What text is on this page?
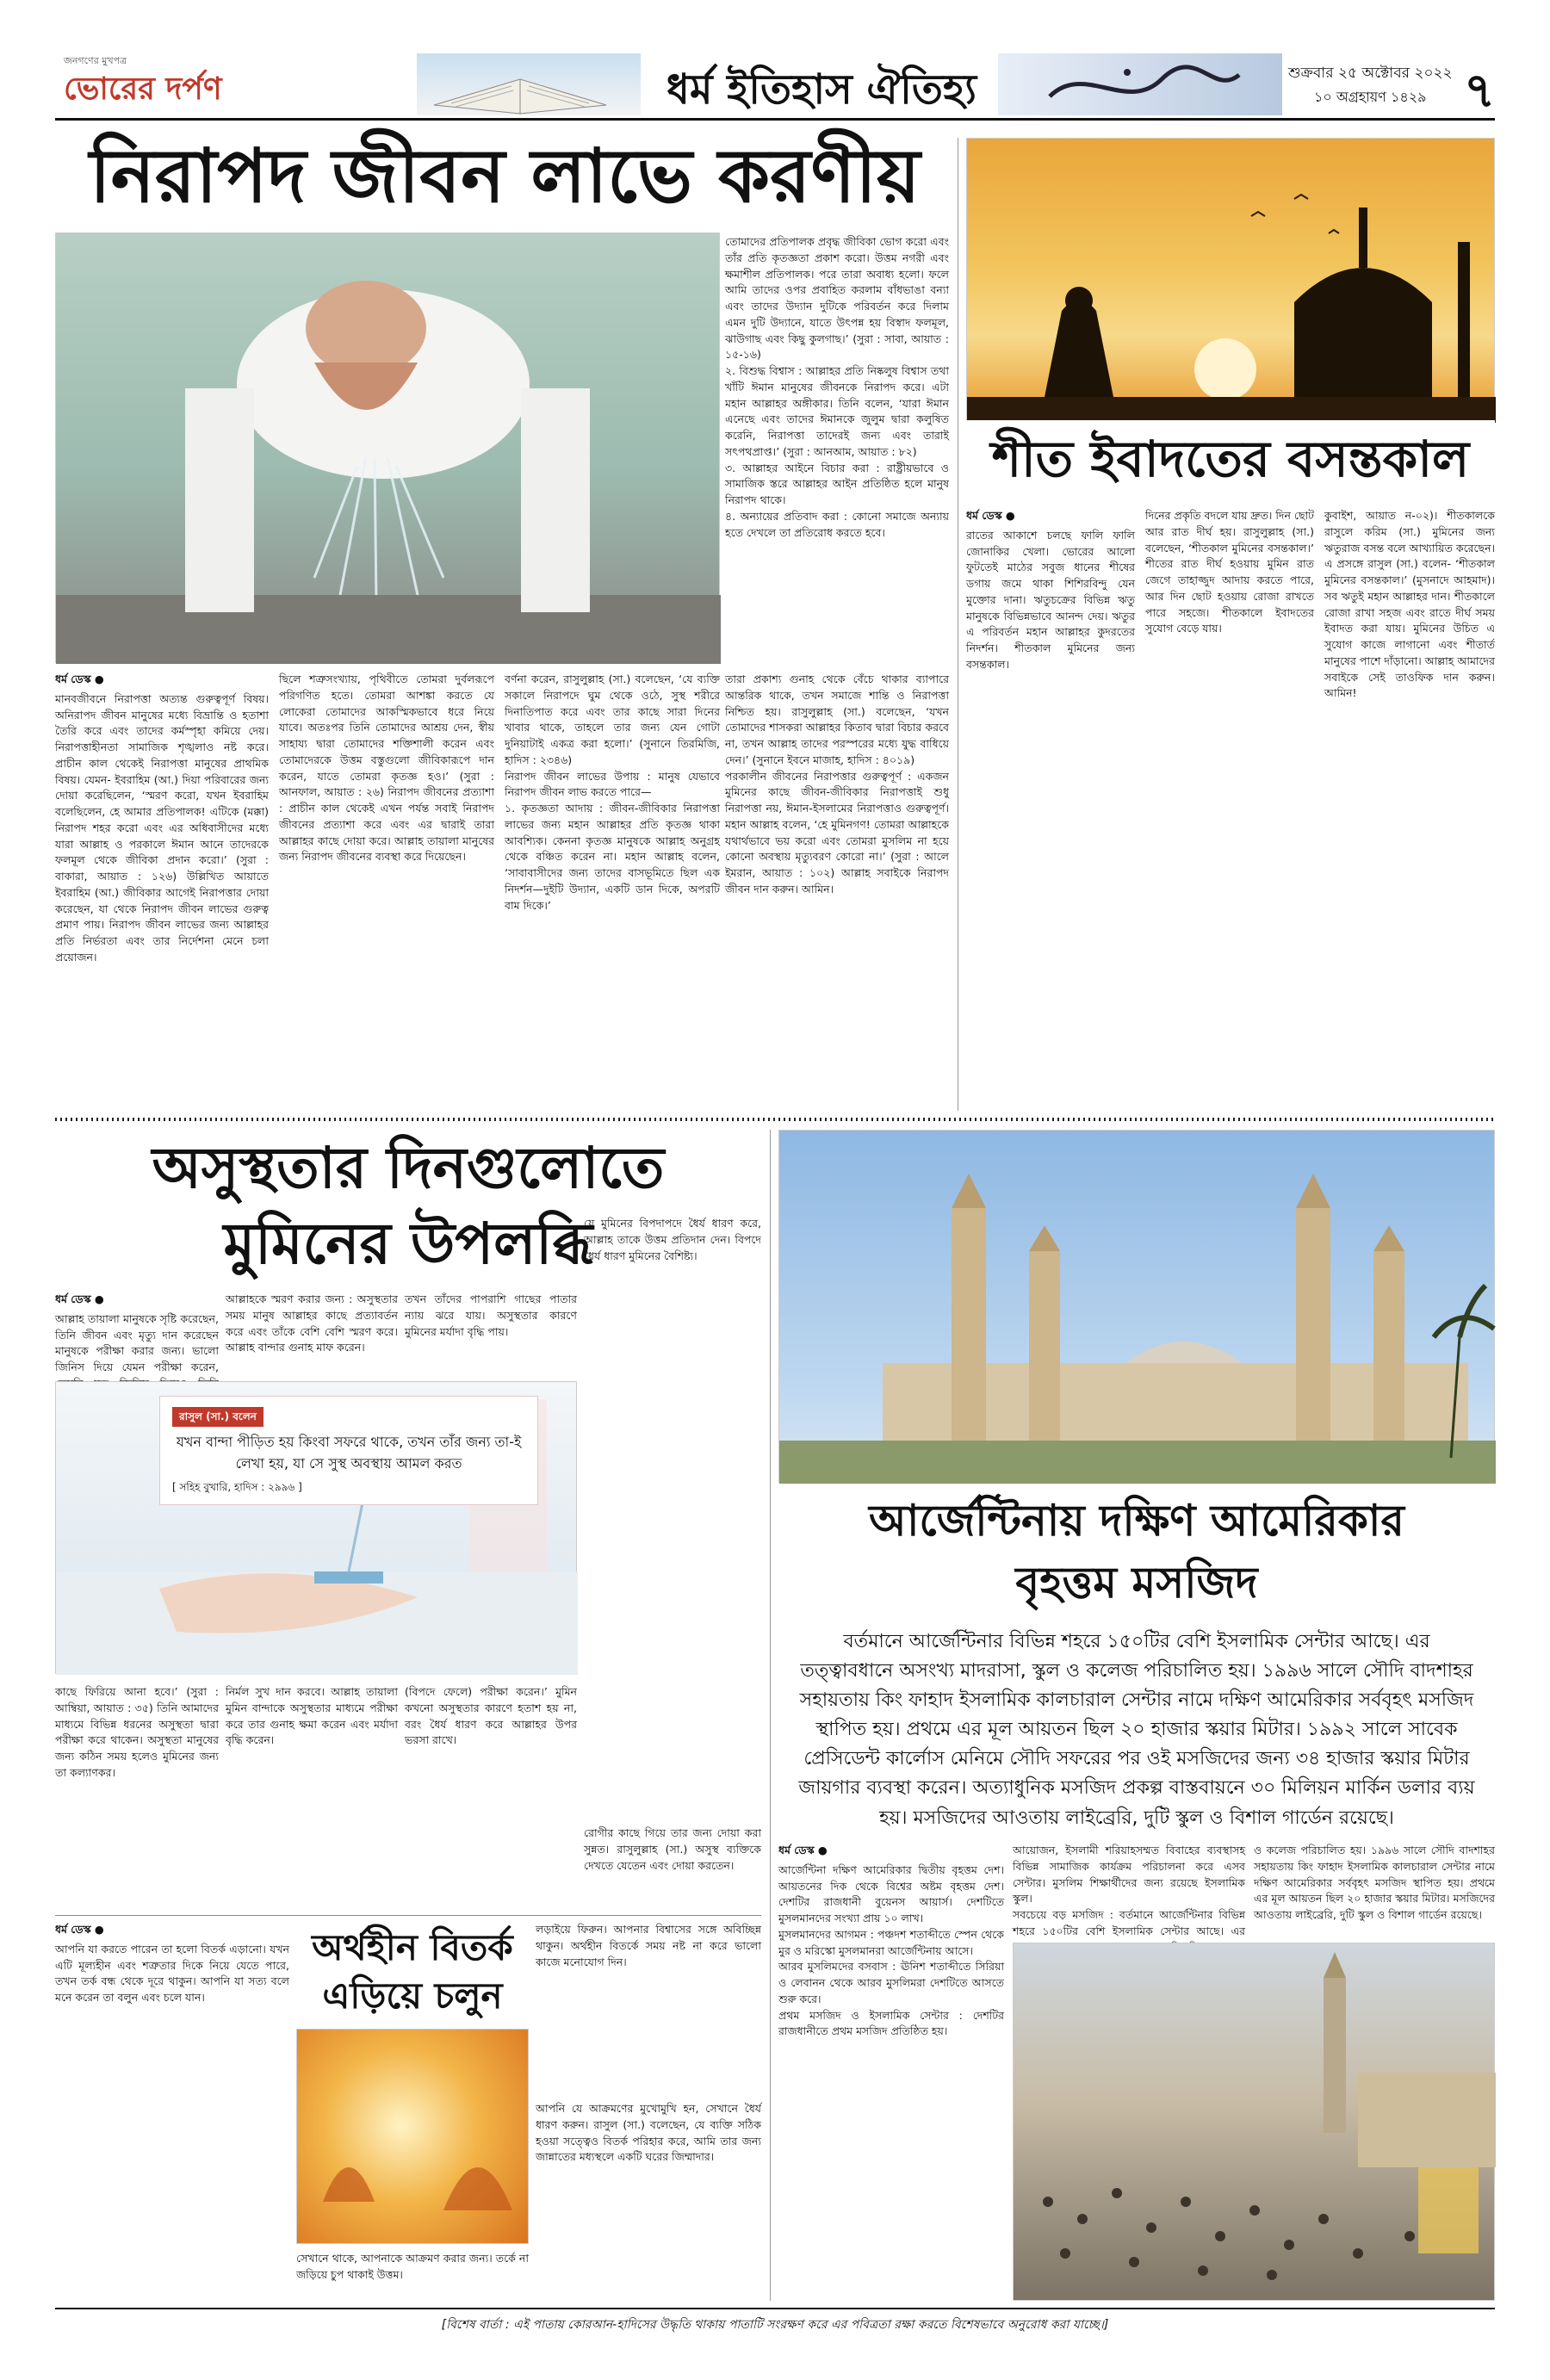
জনগণের মুখপত্র
ভোরের দর্পণ	ধর্ম ইতিহাস ঐতিহ্য	শুক্রবার ২৫ অক্টোবর ২০২২
১০ অগ্রহায়ণ ১৪২৯ ৭
নিরাপদ জীবন লাভে করণীয়

তোমাদের প্রতিপালক প্রবৃদ্ধ জীবিকা ভোগ করো এবং তাঁর প্রতি কৃতজ্ঞতা প্রকাশ করো। উত্তম নগরী এবং ক্ষমাশীল প্রতিপালক। পরে তারা অবাধ্য হলো। ফলে আমি তাদের ওপর প্রবাহিত করলাম বাঁধভাঙা বন্যা এবং তাদের উদ্যান দুটিকে পরিবর্তন করে দিলাম এমন দুটি উদ্যানে, যাতে উৎপন্ন হয় বিস্বাদ ফলমূল, ঝাউগাছ এবং কিছু কুলগাছ।’ (সুরা : সাবা, আয়াত : ১৫-১৬)
২. বিশুদ্ধ বিশ্বাস : আল্লাহর প্রতি নিষ্কলুষ বিশ্বাস তথা খাঁটি ঈমান মানুষের জীবনকে নিরাপদ করে। এটা মহান আল্লাহর অঙ্গীকার। তিনি বলেন, ‘যারা ঈমান এনেছে এবং তাদের ঈমানকে জুলুম দ্বারা কলুষিত করেনি, নিরাপত্তা তাদেরই জন্য এবং তারাই সৎপথপ্রাপ্ত।’ (সুরা : আনআম, আয়াত : ৮২)
৩. আল্লাহর আইনে বিচার করা : রাষ্ট্রীয়ভাবে ও সামাজিক স্তরে আল্লাহর আইন প্রতিষ্ঠিত হলে মানুষ নিরাপদ থাকে।
৪. অন্যায়ের প্রতিবাদ করা : কোনো সমাজে অন্যায় হতে দেখলে তা প্রতিরোধ করতে হবে।

ধর্ম ডেস্ক ●

মানবজীবনে নিরাপত্তা অত্যন্ত গুরুত্বপূর্ণ বিষয়। অনিরাপদ জীবন মানুষের মধ্যে বিভ্রান্তি ও হতাশা তৈরি করে এবং তাদের কর্মস্পৃহা কমিয়ে দেয়। নিরাপত্তাহীনতা সামাজিক শৃঙ্খলাও নষ্ট করে। প্রাচীন কাল থেকেই নিরাপত্তা মানুষের প্রাথমিক বিষয়। যেমন- ইবরাহিম (আ.) দিয়া পরিবারের জন্য দোয়া করেছিলেন, ‘স্মরণ করো, যখন ইবরাহিম বলেছিলেন, হে আমার প্রতিপালক! এটিকে (মক্কা) নিরাপদ শহর করো এবং এর অধিবাসীদের মধ্যে যারা আল্লাহ ও পরকালে ঈমান আনে তাদেরকে ফলমূল থেকে জীবিকা প্রদান করো।’ (সুরা : বাকারা, আয়াত : ১২৬) উল্লিখিত আয়াতে ইবরাহিম (আ.) জীবিকার আগেই নিরাপত্তার দোয়া করেছেন, যা থেকে নিরাপদ জীবন লাভের গুরুত্ব প্রমাণ পায়। নিরাপদ জীবন লাভের জন্য আল্লাহর প্রতি নির্ভরতা এবং তার নির্দেশনা মেনে চলা প্রয়োজন।

ছিলে শত্রুসংখ্যায়, পৃথিবীতে তোমরা দুর্বলরূপে পরিগণিত হতে। তোমরা আশঙ্কা করতে যে লোকেরা তোমাদের আকস্মিকভাবে ধরে নিয়ে যাবে। অতঃপর তিনি তোমাদের আশ্রয় দেন, স্বীয় সাহায্য দ্বারা তোমাদের শক্তিশালী করেন এবং তোমাদেরকে উত্তম বস্তুগুলো জীবিকারূপে দান করেন, যাতে তোমরা কৃতজ্ঞ হও।’ (সুরা : আনফাল, আয়াত : ২৬) নিরাপদ জীবনের প্রত্যাশা : প্রাচীন কাল থেকেই এখন পর্যন্ত সবাই নিরাপদ জীবনের প্রত্যাশা করে এবং এর দ্বারাই তারা আল্লাহর কাছে দোয়া করে। আল্লাহ তায়ালা মানুষের জন্য নিরাপদ জীবনের ব্যবস্থা করে দিয়েছেন।

বর্ণনা করেন, রাসুলুল্লাহ (সা.) বলেছেন, ‘যে ব্যক্তি সকালে নিরাপদে ঘুম থেকে ওঠে, সুস্থ শরীরে দিনাতিপাত করে এবং তার কাছে সারা দিনের খাবার থাকে, তাহলে তার জন্য যেন গোটা দুনিয়াটাই একত্র করা হলো।’ (সুনানে তিরমিজি, হাদিস : ২৩৪৬)
নিরাপদ জীবন লাভের উপায় : মানুষ যেভাবে নিরাপদ জীবন লাভ করতে পারে—
১. কৃতজ্ঞতা আদায় : জীবন-জীবিকার নিরাপত্তা লাভের জন্য মহান আল্লাহর প্রতি কৃতজ্ঞ থাকা আবশ্যিক। কেননা কৃতজ্ঞ মানুষকে আল্লাহ অনুগ্রহ থেকে বঞ্চিত করেন না। মহান আল্লাহ বলেন, ‘সাবাবাসীদের জন্য তাদের বাসভূমিতে ছিল এক নিদর্শন—দুইটি উদ্যান, একটি ডান দিকে, অপরটি বাম দিকে।’

তারা প্রকাশ্য গুনাহ থেকে বেঁচে থাকার ব্যাপারে আন্তরিক থাকে, তখন সমাজে শান্তি ও নিরাপত্তা নিশ্চিত হয়। রাসুলুল্লাহ (সা.) বলেছেন, ‘যখন তোমাদের শাসকরা আল্লাহর কিতাব দ্বারা বিচার করবে না, তখন আল্লাহ তাদের পরস্পরের মধ্যে যুদ্ধ বাধিয়ে দেন।’ (সুনানে ইবনে মাজাহ, হাদিস : ৪০১৯)
পরকালীন জীবনের নিরাপত্তার গুরুত্বপূর্ণ : একজন মুমিনের কাছে জীবন-জীবিকার নিরাপত্তাই শুধু নিরাপত্তা নয়, ঈমান-ইসলামের নিরাপত্তাও গুরুত্বপূর্ণ। মহান আল্লাহ বলেন, ‘হে মুমিনগণ! তোমরা আল্লাহকে যথার্থভাবে ভয় করো এবং তোমরা মুসলিম না হয়ে কোনো অবস্থায় মৃত্যুবরণ কোরো না।’ (সুরা : আলে ইমরান, আয়াত : ১০২) আল্লাহ সবাইকে নিরাপদ জীবন দান করুন। আমিন।

শীত ইবাদতের বসন্তকাল

ধর্ম ডেস্ক ●

রাতের আকাশে চলছে ফালি ফালি জোনাকির খেলা। ভোরের আলো ফুটতেই মাঠের সবুজ ধানের শীষের ডগায় জমে থাকা শিশিরবিন্দু যেন মুক্তোর দানা। ঋতুচক্রের বিভিন্ন ঋতু মানুষকে বিভিন্নভাবে আনন্দ দেয়। ঋতুর এ পরিবর্তন মহান আল্লাহর কুদরতের নিদর্শন। শীতকাল মুমিনের জন্য বসন্তকাল।

দিনের প্রকৃতি বদলে যায় দ্রুত। দিন ছোট আর রাত দীর্ঘ হয়। রাসুলুল্লাহ (সা.) বলেছেন, ‘শীতকাল মুমিনের বসন্তকাল।’ শীতের রাত দীর্ঘ হওয়ায় মুমিন রাত জেগে তাহাজ্জুদ আদায় করতে পারে, আর দিন ছোট হওয়ায় রোজা রাখতে পারে সহজে। শীতকালে ইবাদতের সুযোগ বেড়ে যায়।

কুবাইশ, আয়াত ন-০২)। শীতকালকে রাসুলে করিম (সা.) মুমিনের জন্য ঋতুরাজ বসন্ত বলে আখ্যায়িত করেছেন। এ প্রসঙ্গে রাসুল (সা.) বলেন- ‘শীতকাল মুমিনের বসন্তকাল।’ (মুসনাদে আহমাদ)। সব ঋতুই মহান আল্লাহর দান। শীতকালে রোজা রাখা সহজ এবং রাতে দীর্ঘ সময় ইবাদত করা যায়। মুমিনের উচিত এ সুযোগ কাজে লাগানো এবং শীতার্ত মানুষের পাশে দাঁড়ানো। আল্লাহ আমাদের সবাইকে সেই তাওফিক দান করুন। আমিন!

অসুস্থতার দিনগুলোতে
মুমিনের উপলব্ধি

ধর্ম ডেস্ক ●

আল্লাহ তায়ালা মানুষকে সৃষ্টি করেছেন, তিনি জীবন এবং মৃত্যু দান করেছেন মানুষকে পরীক্ষা করার জন্য। ভালো জিনিস দিয়ে যেমন পরীক্ষা করেন,

আল্লাহকে স্মরণ করার জন্য : অসুস্থতার সময় মানুষ আল্লাহর কাছে প্রত্যাবর্তন করে এবং তাঁকে বেশি বেশি স্মরণ করে। আল্লাহ বান্দার গুনাহ মাফ করেন।

তখন তাঁদের পাপরাশি গাছের পাতার ন্যায় ঝরে যায়। অসুস্থতার কারণে মুমিনের মর্যাদা বৃদ্ধি পায়।

যে মুমিনের বিপদাপদে ধৈর্য ধারণ করে, আল্লাহ তাকে উত্তম প্রতিদান দেন। বিপদে ধৈর্য ধারণ মুমিনের বৈশিষ্ট্য।

রাসুল (সা.) বলেন
যখন বান্দা পীড়িত হয় কিংবা সফরে থাকে, তখন তাঁর জন্য তা-ই লেখা হয়, যা সে সুস্থ অবস্থায় আমল করত
[ সহিহ বুখারি, হাদিস : ২৯৯৬ ]

কাছে ফিরিয়ে আনা হবে।’ (সুরা : আম্বিয়া, আয়াত : ৩৫) তিনি আমাদের মাধ্যমে বিভিন্ন ধরনের অসুস্থতা দ্বারা পরীক্ষা করে থাকেন। অসুস্থতা মানুষের জন্য কঠিন সময় হলেও মুমিনের জন্য তা কল্যাণকর।

নির্মল সুখ দান করবে। আল্লাহ তায়ালা মুমিন বান্দাকে অসুস্থতার মাধ্যমে পরীক্ষা করে তার গুনাহ ক্ষমা করেন এবং মর্যাদা বৃদ্ধি করেন।

(বিপদে ফেলে) পরীক্ষা করেন।’ মুমিন কখনো অসুস্থতার কারণে হতাশ হয় না, বরং ধৈর্য ধারণ করে আল্লাহর উপর ভরসা রাখে।

রোগীর কাছে গিয়ে তার জন্য দোয়া করা সুন্নত। রাসুলুল্লাহ (সা.) অসুস্থ ব্যক্তিকে দেখতে যেতেন এবং দোয়া করতেন।

ধর্ম ডেস্ক ●

আপনি যা করতে পারেন তা হলো বিতর্ক এড়ানো। যখন এটি মূল্যহীন এবং শত্রুতার দিকে নিয়ে যেতে পারে, তখন তর্ক বন্ধ থেকে দূরে থাকুন। আপনি যা সত্য বলে মনে করেন তা বলুন এবং চলে যান।

অর্থহীন বিতর্ক
এড়িয়ে চলুন

সেখানে থাকে, আপনাকে আক্রমণ করার জন্য। তর্কে না জড়িয়ে চুপ থাকাই উত্তম।

লড়াইয়ে ফিরুন। আপনার বিশ্বাসের সঙ্গে অবিচ্ছিন্ন থাকুন। অর্থহীন বিতর্কে সময় নষ্ট না করে ভালো কাজে মনোযোগ দিন।

আপনি যে আক্রমণের মুখোমুখি হন, সেখানে ধৈর্য ধারণ করুন। রাসুল (সা.) বলেছেন, যে ব্যক্তি সঠিক হওয়া সত্ত্বেও বিতর্ক পরিহার করে, আমি তার জন্য জান্নাতের মধ্যস্থলে একটি ঘরের জিম্মাদার।

আর্জেন্টিনায় দক্ষিণ আমেরিকার
বৃহত্তম মসজিদ

বর্তমানে আর্জেন্টিনার বিভিন্ন শহরে ১৫০টির বেশি ইসলামিক সেন্টার আছে। এর তত্ত্বাবধানে অসংখ্য মাদরাসা, স্কুল ও কলেজ পরিচালিত হয়। ১৯৯৬ সালে সৌদি বাদশাহর সহায়তায় কিং ফাহাদ ইসলামিক কালচারাল সেন্টার নামে দক্ষিণ আমেরিকার সর্ববৃহৎ মসজিদ স্থাপিত হয়। প্রথমে এর মূল আয়তন ছিল ২০ হাজার স্কয়ার মিটার। ১৯৯২ সালে সাবেক প্রেসিডেন্ট কার্লোস মেনিমে সৌদি সফরের পর ওই মসজিদের জন্য ৩৪ হাজার স্কয়ার মিটার জায়গার ব্যবস্থা করেন। অত্যাধুনিক মসজিদ প্রকল্প বাস্তবায়নে ৩০ মিলিয়ন মার্কিন ডলার ব্যয় হয়। মসজিদের আওতায় লাইব্রেরি, দুটি স্কুল ও বিশাল গার্ডেন রয়েছে।

ধর্ম ডেস্ক ●

আর্জেন্টিনা দক্ষিণ আমেরিকার দ্বিতীয় বৃহত্তম দেশ। আয়তনের দিক থেকে বিশ্বের অষ্টম বৃহত্তম দেশ। দেশটির রাজধানী বুয়েনস আয়ার্স। দেশটিতে মুসলমানদের সংখ্যা প্রায় ১০ লাখ।
মুসলমানদের আগমন : পঞ্চদশ শতাব্দীতে স্পেন থেকে মুর ও মরিস্কো মুসলমানরা আর্জেন্টিনায় আসে।
আরব মুসলিমদের বসবাস : ঊনিশ শতাব্দীতে সিরিয়া ও লেবানন থেকে আরব মুসলিমরা দেশটিতে আসতে শুরু করে।
প্রথম মসজিদ ও ইসলামিক সেন্টার : দেশটির রাজধানীতে প্রথম মসজিদ প্রতিষ্ঠিত হয়।

আয়োজন, ইসলামী শরিয়াহসম্মত বিবাহের ব্যবস্থাসহ বিভিন্ন সামাজিক কার্যক্রম পরিচালনা করে এসব সেন্টার। মুসলিম শিক্ষার্থীদের জন্য রয়েছে ইসলামিক স্কুল।
সবচেয়ে বড় মসজিদ : বর্তমানে আর্জেন্টিনার বিভিন্ন শহরে ১৫০টির বেশি ইসলামিক সেন্টার আছে। এর

ও কলেজ পরিচালিত হয়। ১৯৯৬ সালে সৌদি বাদশাহর সহায়তায় কিং ফাহাদ ইসলামিক কালচারাল সেন্টার নামে দক্ষিণ আমেরিকার সর্ববৃহৎ মসজিদ স্থাপিত হয়। প্রথমে এর মূল আয়তন ছিল ২০ হাজার স্কয়ার মিটার। মসজিদের আওতায় লাইব্রেরি, দুটি স্কুল ও বিশাল গার্ডেন রয়েছে।

[বিশেষ বার্তা : এই পাতায় কোরআন-হাদিসের উদ্ধৃতি থাকায় পাতাটি সংরক্ষণ করে এর পবিত্রতা রক্ষা করতে বিশেষভাবে অনুরোধ করা যাচ্ছে।]
